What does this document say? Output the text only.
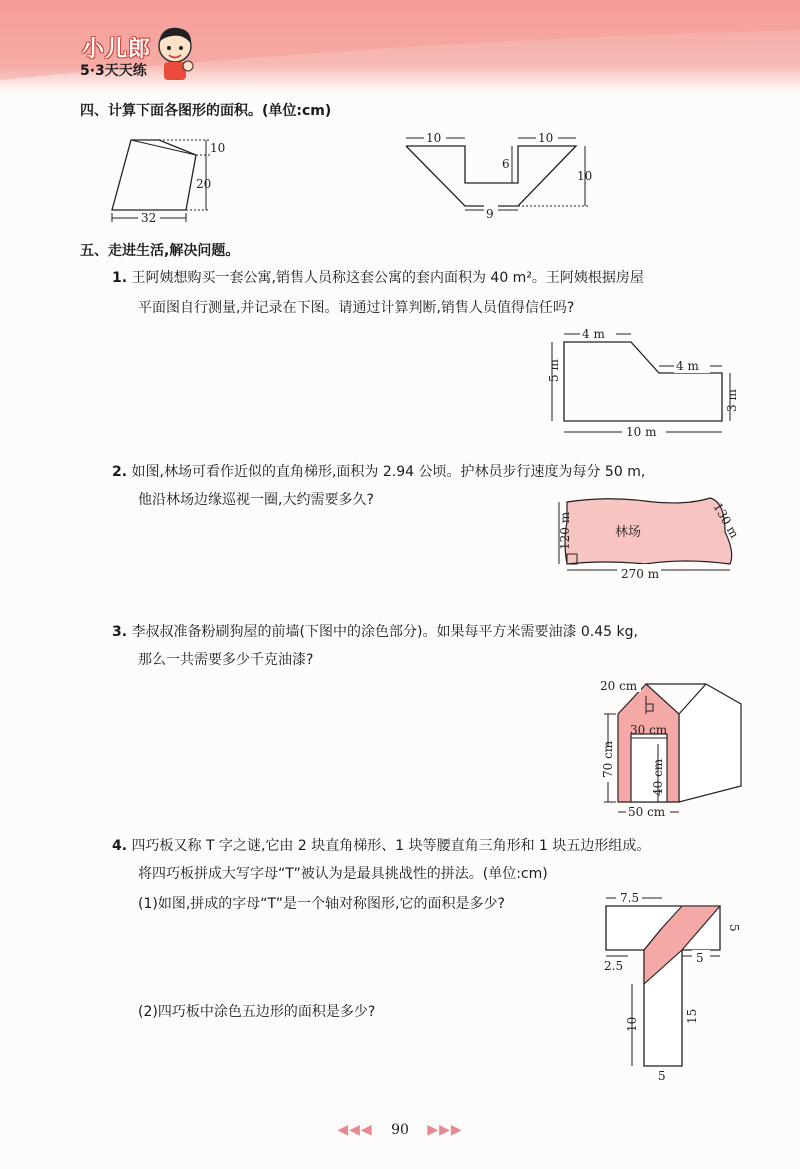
小儿郎
5·3天天练
四、计算下面各图形的面积。(单位:cm)
10
20
32
10	10
6
10
9
五、走进生活,解决问题。
1. 王阿姨想购买一套公寓,销售人员称这套公寓的套内面积为 40 m²。王阿姨根据房屋
平面图自行测量,并记录在下图。请通过计算判断,销售人员值得信任吗?
4 m
4 m
5 m
3 m
10 m
2. 如图,林场可看作近似的直角梯形,面积为 2.94 公顷。护林员步行速度为每分 50 m,
他沿林场边缘巡视一圈,大约需要多久?
120 m	林场	130 m
270 m
3. 李叔叔准备粉刷狗屋的前墙(下图中的涂色部分)。如果每平方米需要油漆 0.45 kg,
那么一共需要多少千克油漆?
20 cm
30 cm
40 cm
70 cm
50 cm
4. 四巧板又称 T 字之谜,它由 2 块直角梯形、1 块等腰直角三角形和 1 块五边形组成。
将四巧板拼成大写字母“T”被认为是最具挑战性的拼法。(单位:cm)
(1)如图,拼成的字母“T”是一个轴对称图形,它的面积是多少?
(2)四巧板中涂色五边形的面积是多少?
7.5
5
2.5
5
10
15
5
◀◀◀ 90 ▶▶▶
